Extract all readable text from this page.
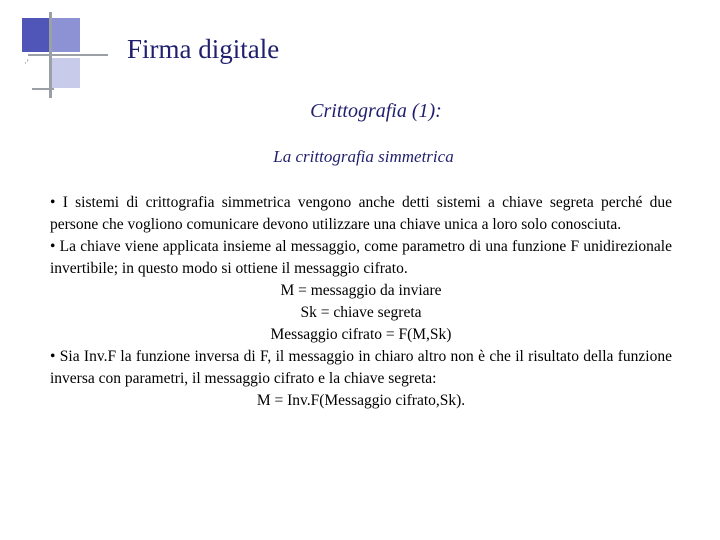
·'	Firma digitale
Crittografia (1):
La crittografia simmetrica

• I sistemi di crittografia simmetrica vengono anche detti sistemi a chiave segreta perché due persone che vogliono comunicare devono utilizzare una chiave unica a loro solo conosciuta.

• La chiave viene applicata insieme al messaggio, come parametro di una funzione F unidirezionale invertibile; in questo modo si ottiene il messaggio cifrato.

M = messaggio da inviare

Sk = chiave segreta

Messaggio cifrato = F(M,Sk)

• Sia Inv.F la funzione inversa di F, il messaggio in chiaro altro non è che il risultato della funzione inversa con parametri, il messaggio cifrato e la chiave segreta:

M = Inv.F(Messaggio cifrato,Sk).
